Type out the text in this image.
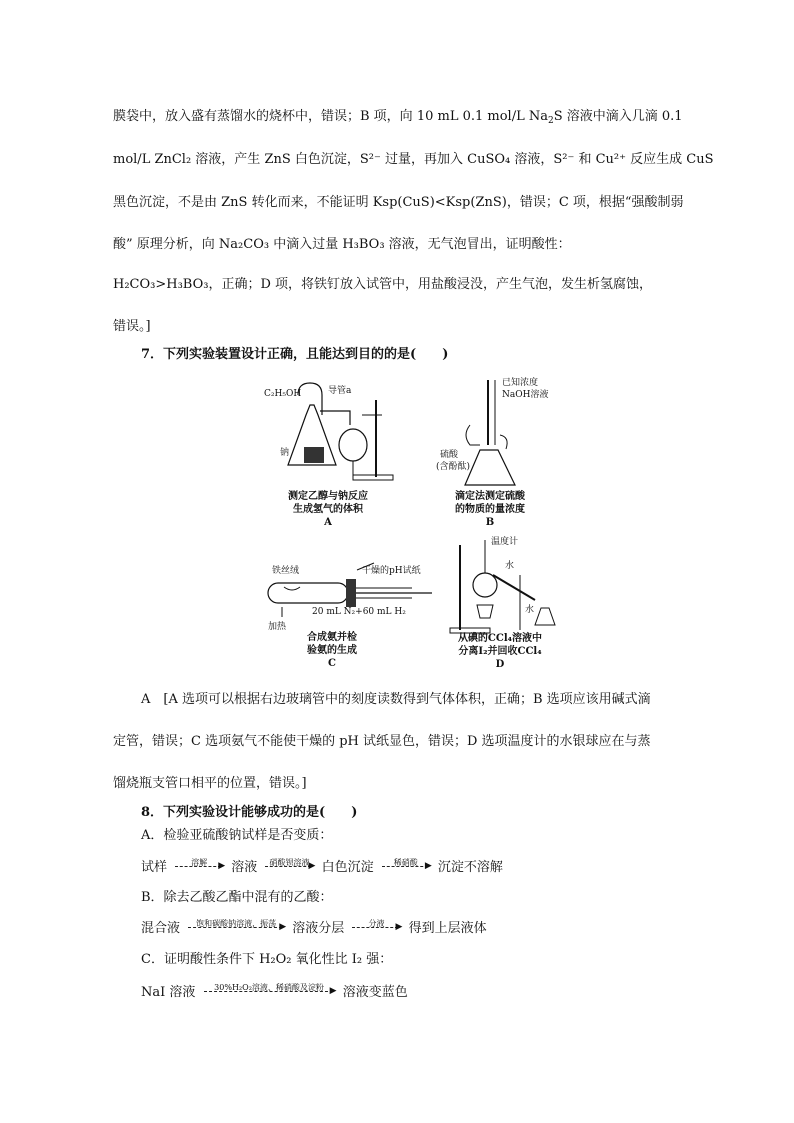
膜袋中，放入盛有蒸馏水的烧杯中，错误；B 项，向 10 mL 0.1 mol/L $Na_2S$ 溶液中滴入几滴 0.1
mol/L ZnCl₂ 溶液，产生 ZnS 白色沉淀，S²⁻ 过量，再加入 CuSO₄ 溶液，S²⁻ 和 Cu²⁺ 反应生成 CuS
黑色沉淀，不是由 ZnS 转化而来，不能证明 Ksp(CuS)<Ksp(ZnS)，错误；C 项，根据“强酸制弱
酸” 原理分析，向 Na₂CO₃ 中滴入过量 H₃BO₃ 溶液，无气泡冒出，证明酸性：
H₂CO₃>H₃BO₃，正确；D 项，将铁钉放入试管中，用盐酸浸没，产生气泡，发生析氢腐蚀，
错误。]
7．下列实验装置设计正确，且能达到目的的是(　　)
C₂H₅OH	导管a
钠
测定乙醇与钠反应
生成氢气的体积
A
已知浓度
NaOH溶液
硫酸
(含酚酞)
滴定法测定硫酸
的物质的量浓度
B
铁丝绒	干燥的pH试纸
20 mL N₂+60 mL H₂
加热
合成氨并检
验氨的生成
C
温度计
水
水
从碘的CCl₄溶液中
分离I₂并回收CCl₄
D
A　[A 选项可以根据右边玻璃管中的刻度读数得到气体体积，正确；B 选项应该用碱式滴
定管，错误；C 选项氨气不能使干燥的 pH 试纸显色，错误；D 选项温度计的水银球应在与蒸
馏烧瓶支管口相平的位置，错误。]
8．下列实验设计能够成功的是(　　)
A．检验亚硫酸钠试样是否变质：
试样	溶解	▶ 溶液	硝酸钡溶液 ▶ 白色沉淀	稀硝酸 ▶ 沉淀不溶解
B．除去乙酸乙酯中混有的乙酸：
混合液	饱和碳酸钠溶液，振荡 ▶ 溶液分层	分液	▶ 得到上层液体
C．证明酸性条件下 H₂O₂ 氧化性比 I₂ 强：
NaI 溶液	30%H₂O₂溶液、稀硝酸及淀粉 ▶ 溶液变蓝色
